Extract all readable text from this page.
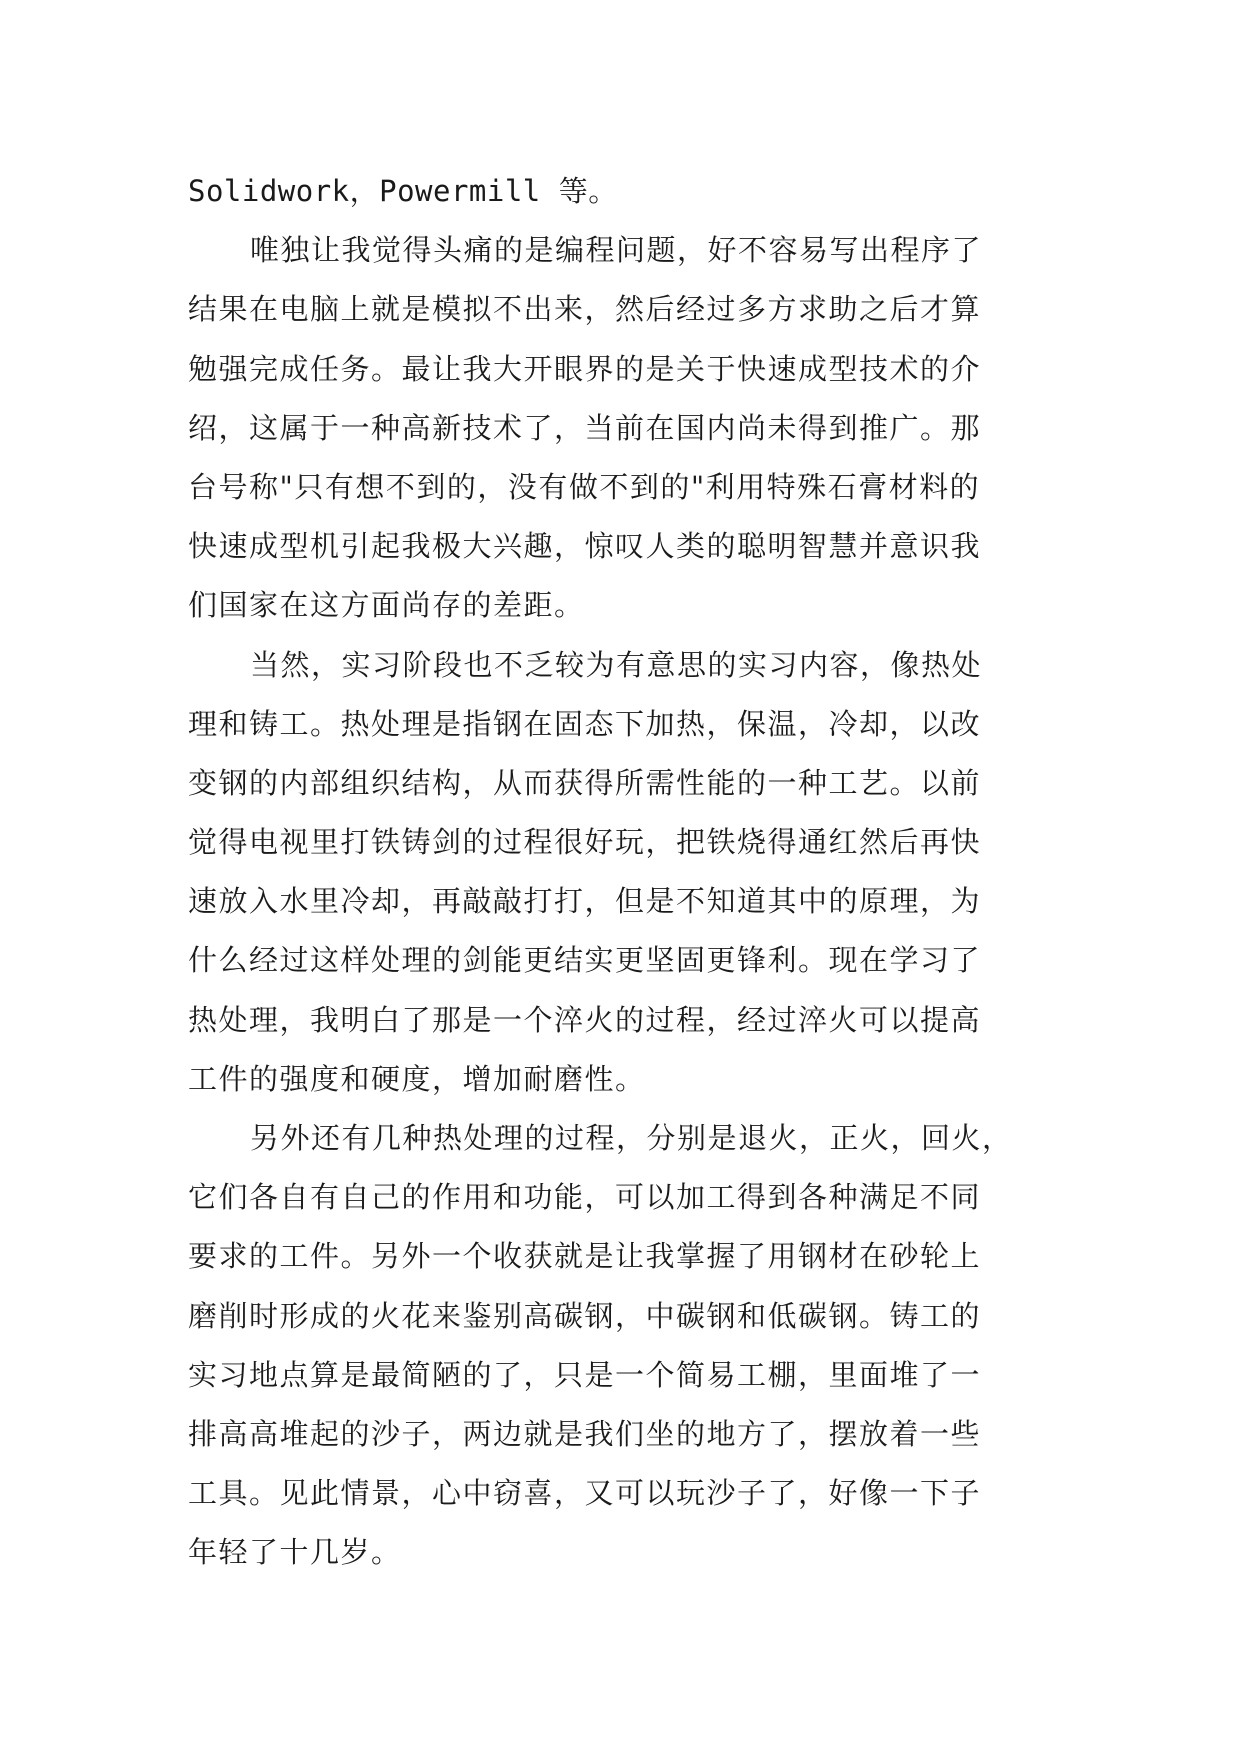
Solidwork，Powermill 等。
唯独让我觉得头痛的是编程问题，好不容易写出程序了
结果在电脑上就是模拟不出来，然后经过多方求助之后才算
勉强完成任务。最让我大开眼界的是关于快速成型技术的介
绍，这属于一种高新技术了，当前在国内尚未得到推广。那
台号称"只有想不到的，没有做不到的"利用特殊石膏材料的
快速成型机引起我极大兴趣，惊叹人类的聪明智慧并意识我
们国家在这方面尚存的差距。
当然，实习阶段也不乏较为有意思的实习内容，像热处
理和铸工。热处理是指钢在固态下加热，保温，冷却，以改
变钢的内部组织结构，从而获得所需性能的一种工艺。以前
觉得电视里打铁铸剑的过程很好玩，把铁烧得通红然后再快
速放入水里冷却，再敲敲打打，但是不知道其中的原理，为
什么经过这样处理的剑能更结实更坚固更锋利。现在学习了
热处理，我明白了那是一个淬火的过程，经过淬火可以提高
工件的强度和硬度，增加耐磨性。
另外还有几种热处理的过程，分别是退火，正火，回火，
它们各自有自己的作用和功能，可以加工得到各种满足不同
要求的工件。另外一个收获就是让我掌握了用钢材在砂轮上
磨削时形成的火花来鉴别高碳钢，中碳钢和低碳钢。铸工的
实习地点算是最简陋的了，只是一个简易工棚，里面堆了一
排高高堆起的沙子，两边就是我们坐的地方了，摆放着一些
工具。见此情景，心中窃喜，又可以玩沙子了，好像一下子
年轻了十几岁。
